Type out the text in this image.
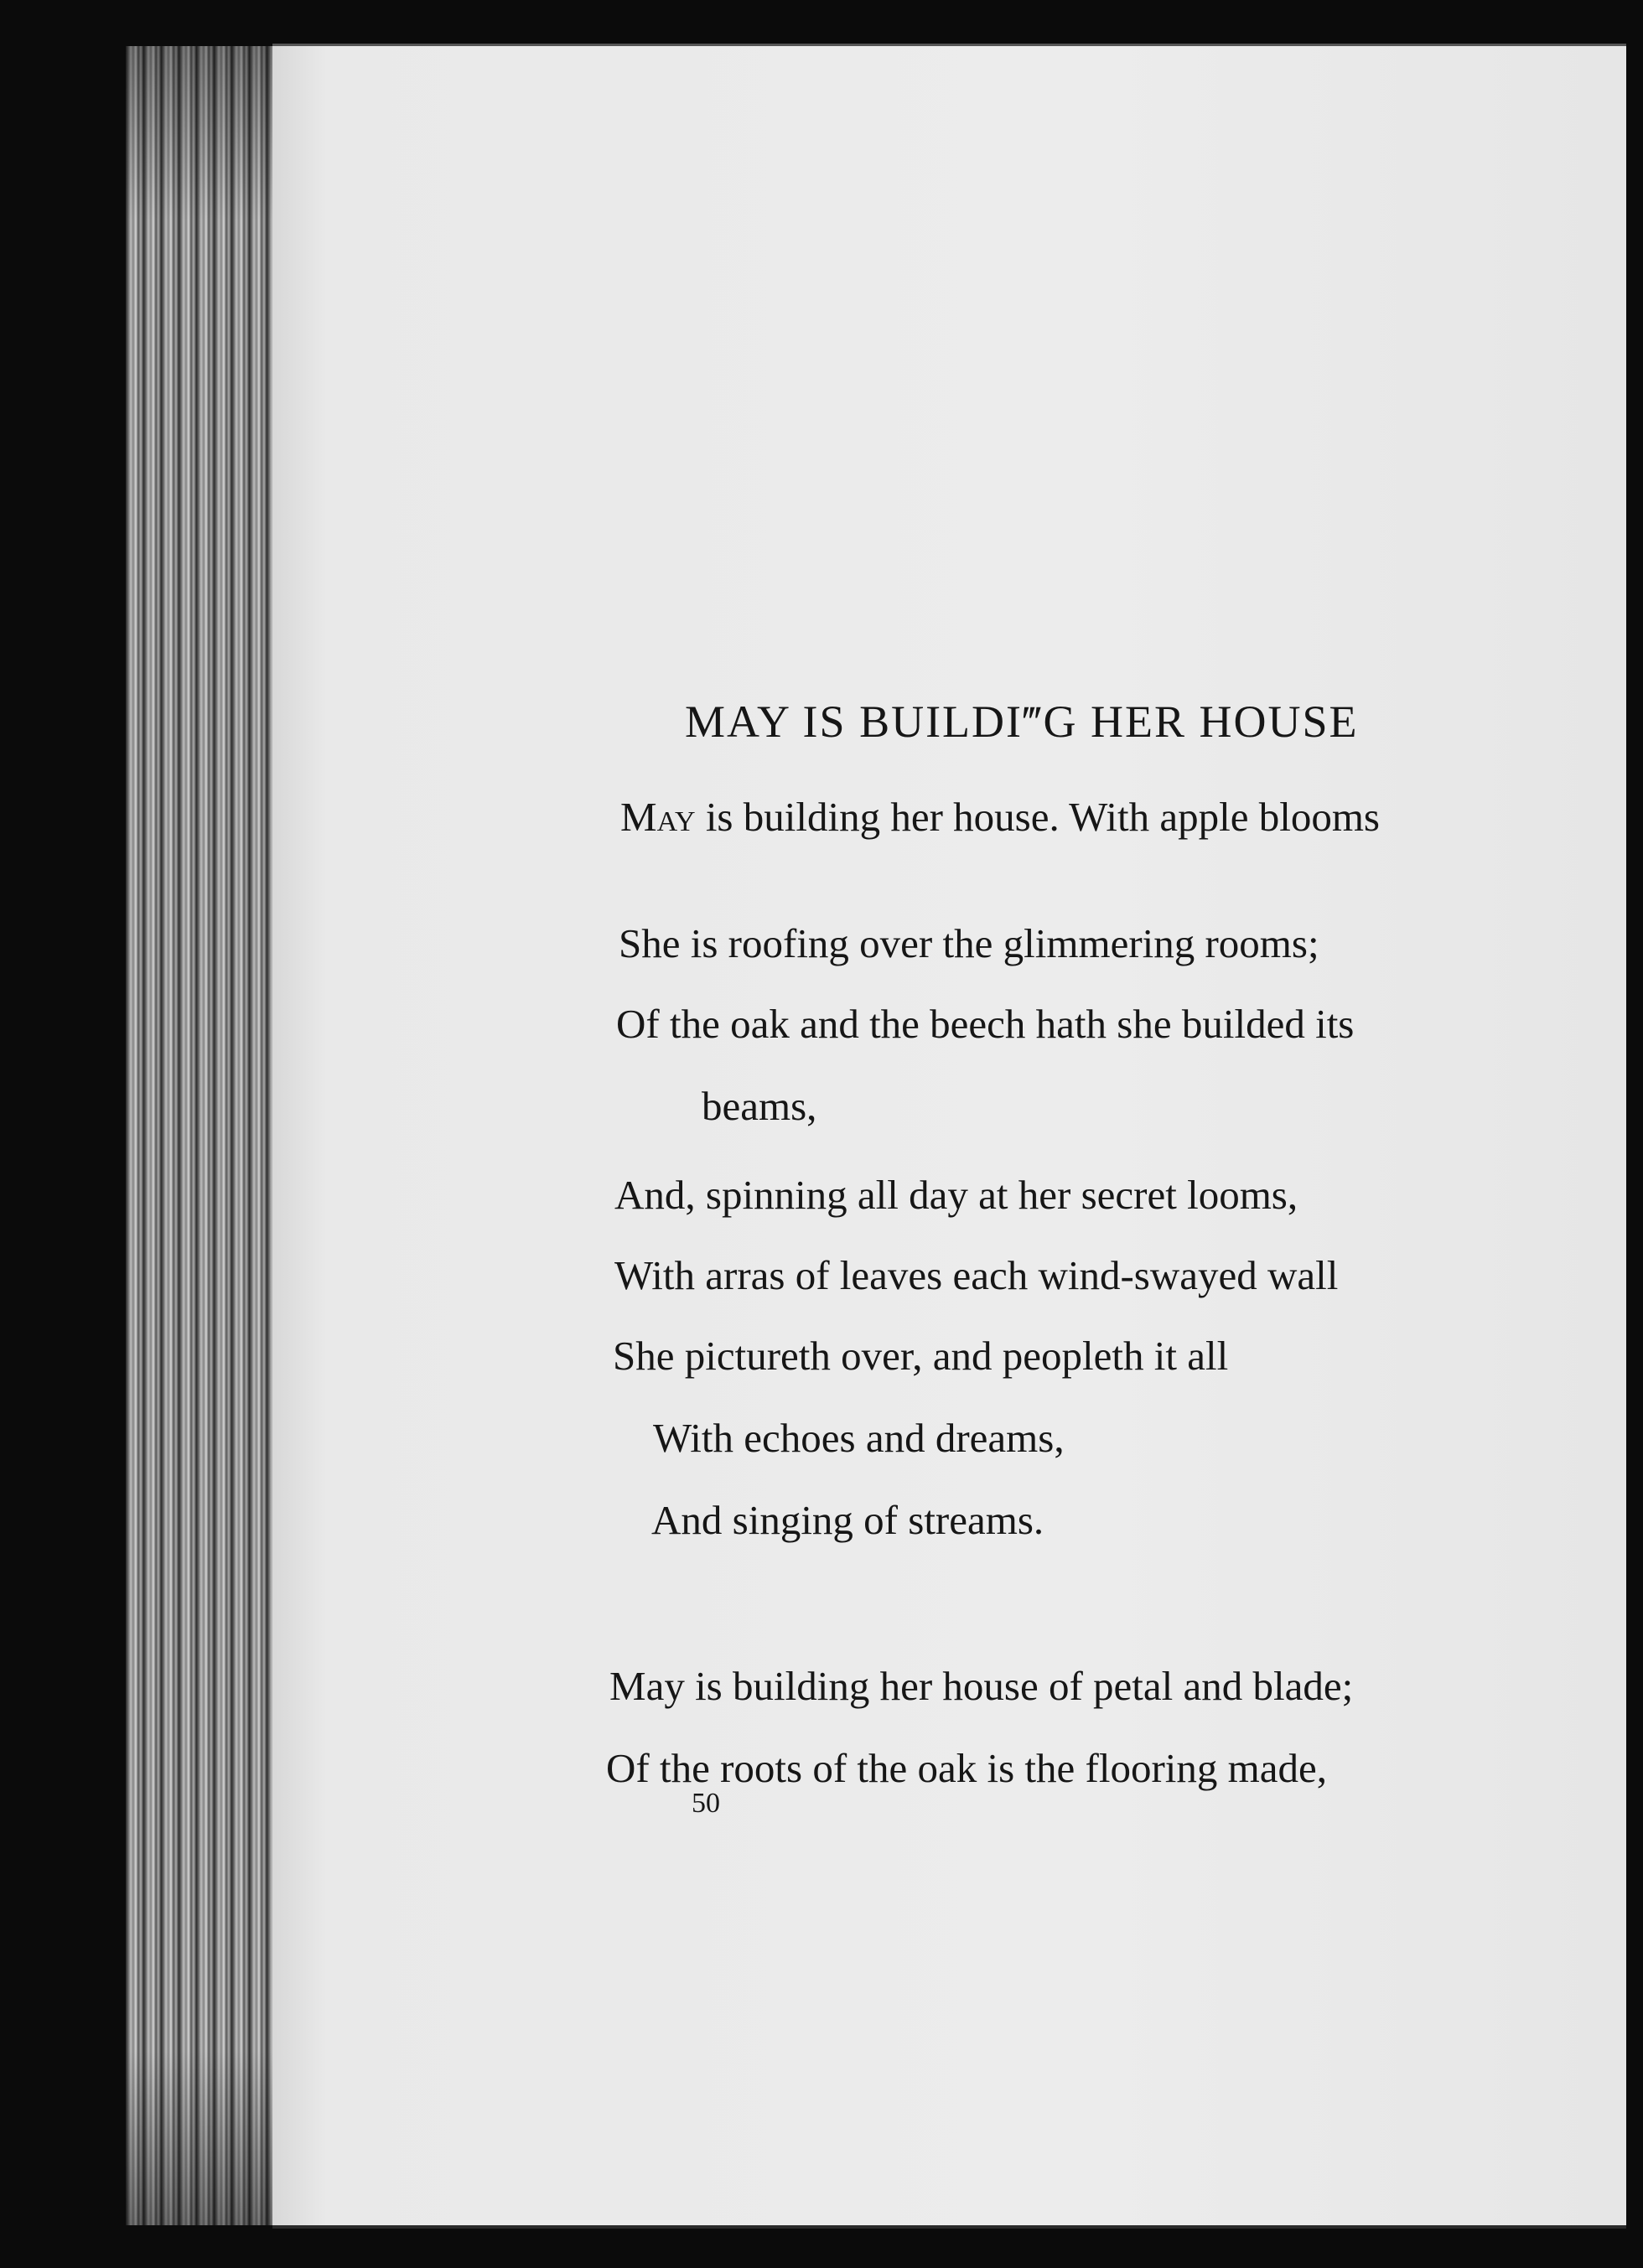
MAY IS BUILDI‴G HER HOUSE
May is building her house. With apple blooms
She is roofing over the glimmering rooms;
Of the oak and the beech hath she builded its
beams,
And, spinning all day at her secret looms,
With arras of leaves each wind-swayed wall
She pictureth over, and peopleth it all
With echoes and dreams,
And singing of streams.
May is building her house of petal and blade;
Of the roots of the oak is the flooring made,
50
